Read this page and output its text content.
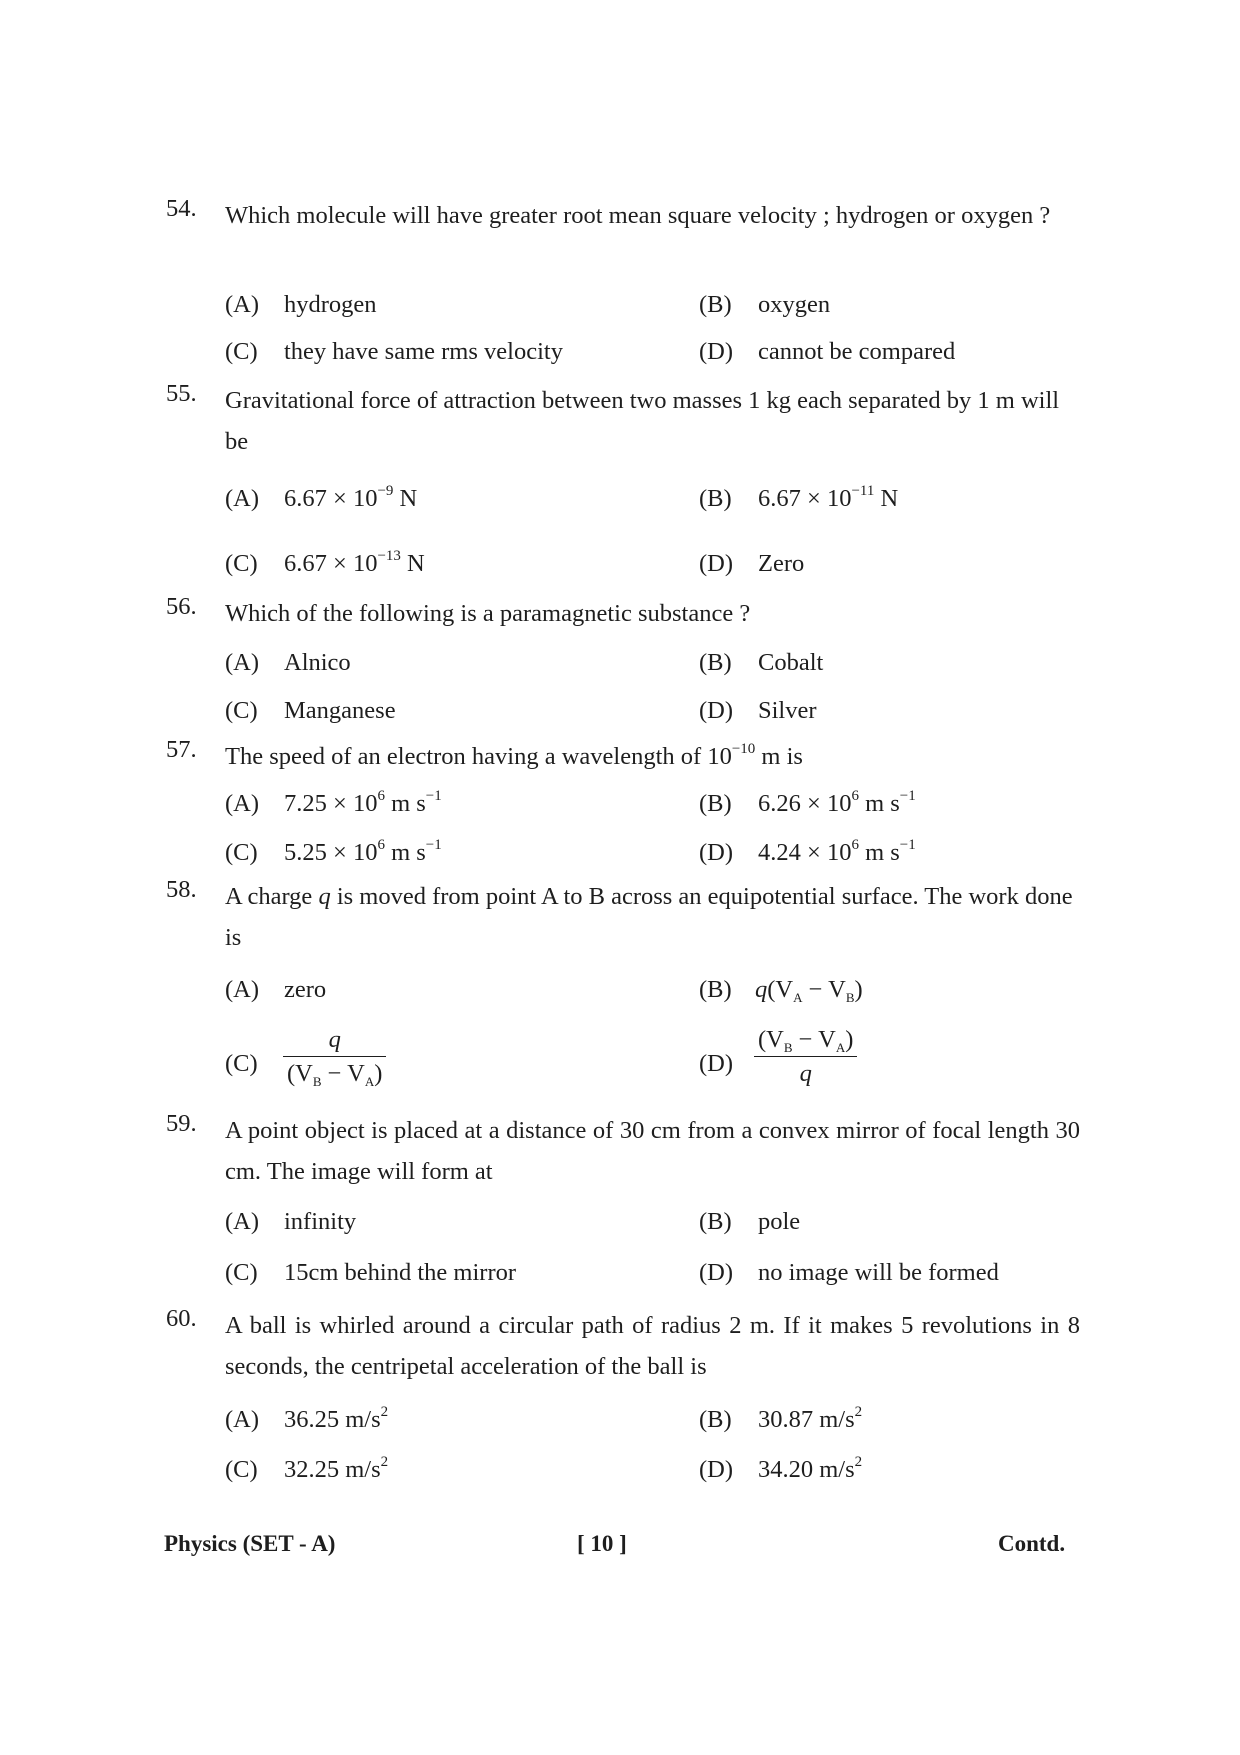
54. Which molecule will have greater root mean square velocity ; hydrogen or oxygen ?
(A) hydrogen	(B) oxygen
(C) they have same rms velocity	(D) cannot be compared
55. Gravitational force of attraction between two masses 1 kg each separated by 1 m will be
(A) $6.67 \times 10^{-9}$ N	(B) $6.67 \times 10^{-11}$ N
(C) $6.67 \times 10^{-13}$ N	(D) Zero
56. Which of the following is a paramagnetic substance ?
(A) Alnico	(B) Cobalt
(C) Manganese	(D) Silver
57. The speed of an electron having a wavelength of $10^{-10}$ m is
(A) $7.25 \times 10^6$ m $s^{-1}$	(B) $6.26 \times 10^6$ m $s^{-1}$
(C) $5.25 \times 10^6$ m $s^{-1}$	(D) $4.24 \times 10^6$ m $s^{-1}$
58. A charge q is moved from point A to B across an equipotential surface. The work done is
(A) zero	(B) $q(V_A - V_B)$
$(C) \frac{q}{(V_B - V_A)}$	$(D) \frac{(V_B - V_A)}{q}$
59. A point object is placed at a distance of 30 cm from a convex mirror of focal length 30 cm. The image will form at
(A) infinity	(B) pole
(C) 15cm behind the mirror	(D) no image will be formed
60. A ball is whirled around a circular path of radius 2 m. If it makes 5 revolutions in 8 seconds, the centripetal acceleration of the ball is
(A) 36.25 $m/s^2$	(B) 30.87 $m/s^2$
(C) 32.25 $m/s^2$	(D) 34.20 $m/s^2$
Physics (SET - A)	[ 10 ]	Contd.
